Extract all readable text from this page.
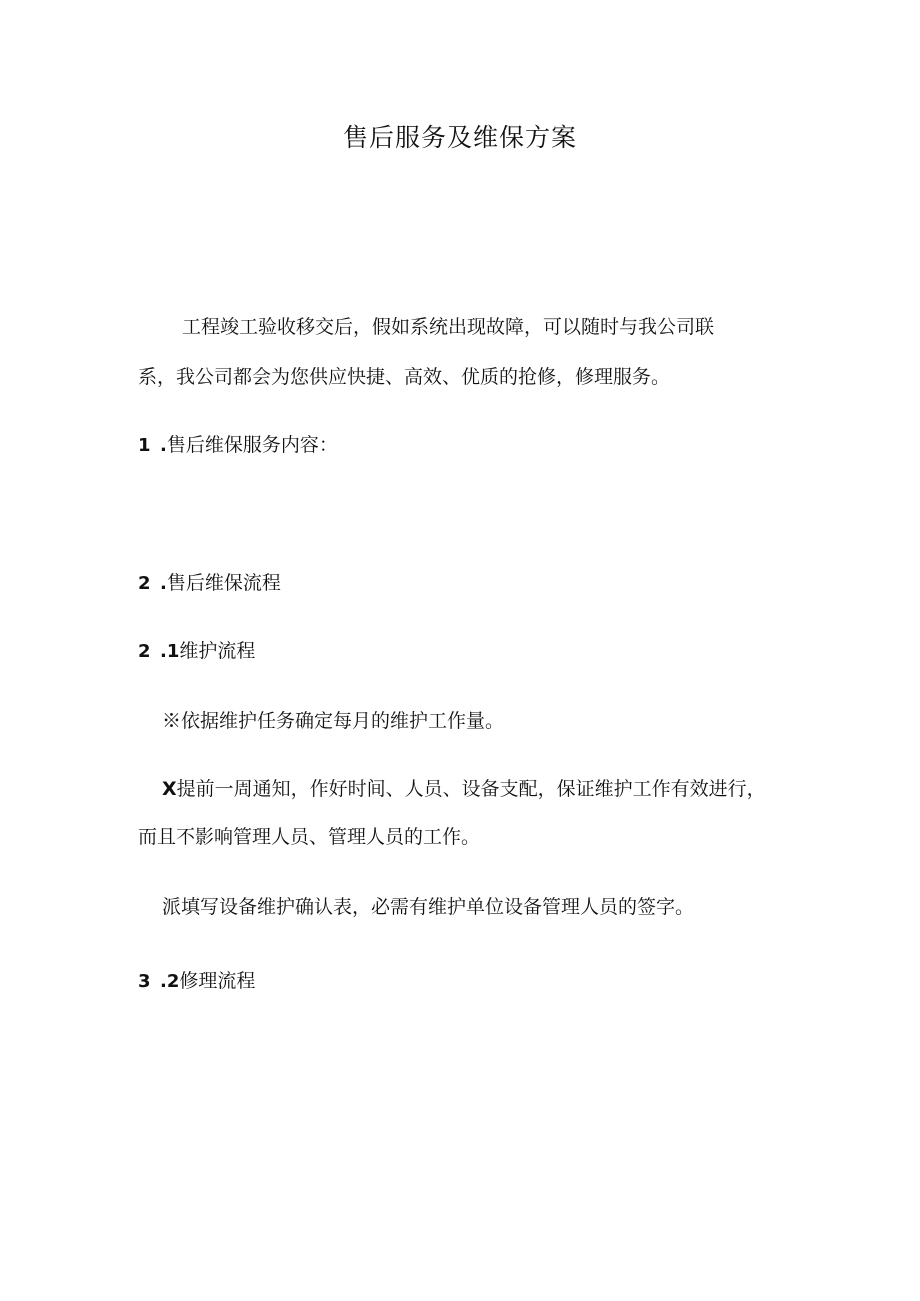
售后服务及维保方案
工程竣工验收移交后，假如系统出现故障，可以随时与我公司联
系，我公司都会为您供应快捷、高效、优质的抢修，修理服务。
1 .售后维保服务内容：
2 .售后维保流程
2 .1维护流程
※依据维护任务确定每月的维护工作量。
X提前一周通知，作好时间、人员、设备支配，保证维护工作有效进行，
而且不影响管理人员、管理人员的工作。
派填写设备维护确认表，必需有维护单位设备管理人员的签字。
3 .2修理流程
